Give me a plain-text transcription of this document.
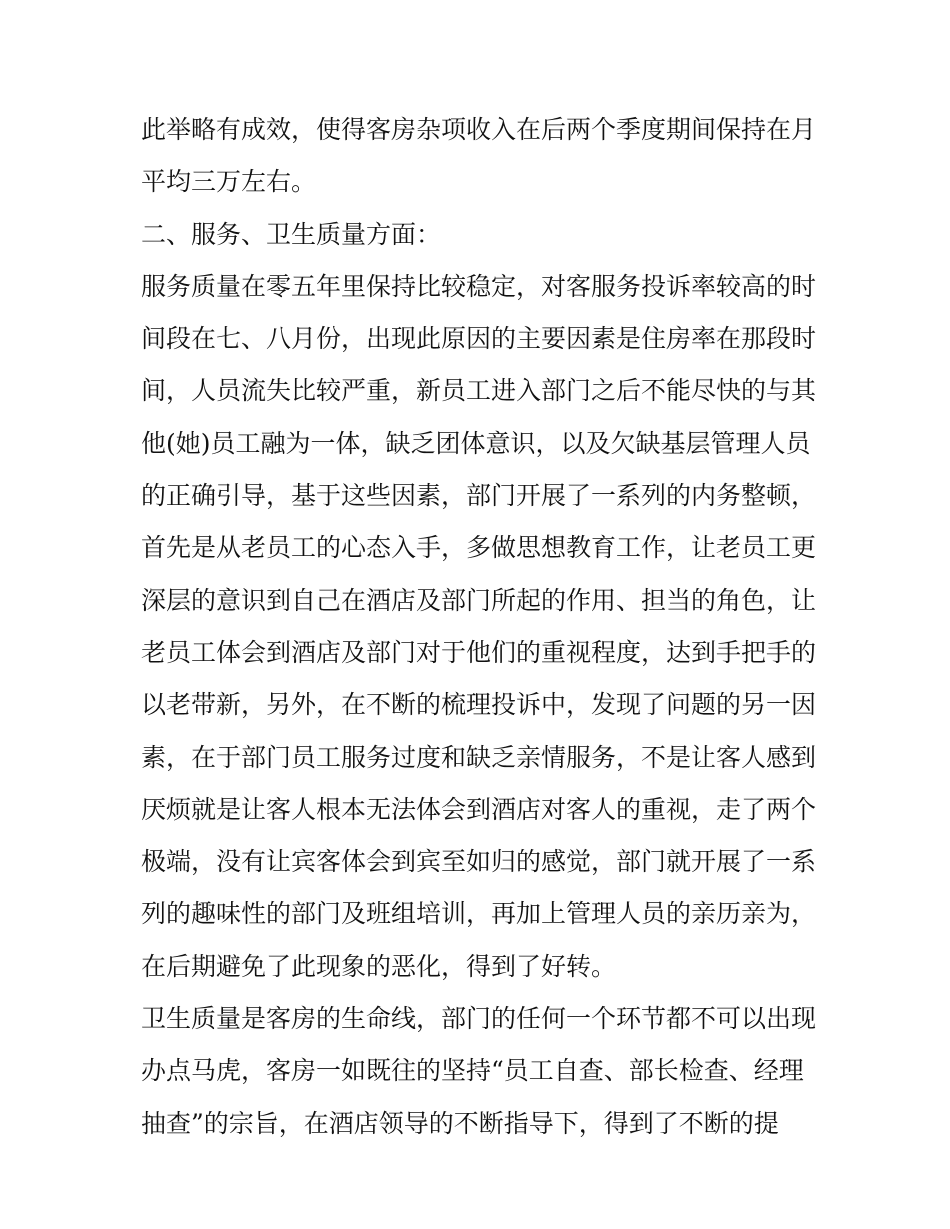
此举略有成效，使得客房杂项收入在后两个季度期间保持在月
平均三万左右。
二、服务、卫生质量方面：
服务质量在零五年里保持比较稳定，对客服务投诉率较高的时
间段在七、八月份，出现此原因的主要因素是住房率在那段时
间，人员流失比较严重，新员工进入部门之后不能尽快的与其
他(她)员工融为一体，缺乏团体意识，以及欠缺基层管理人员
的正确引导，基于这些因素，部门开展了一系列的内务整顿，
首先是从老员工的心态入手，多做思想教育工作，让老员工更
深层的意识到自己在酒店及部门所起的作用、担当的角色，让
老员工体会到酒店及部门对于他们的重视程度，达到手把手的
以老带新，另外，在不断的梳理投诉中，发现了问题的另一因
素，在于部门员工服务过度和缺乏亲情服务，不是让客人感到
厌烦就是让客人根本无法体会到酒店对客人的重视，走了两个
极端，没有让宾客体会到宾至如归的感觉，部门就开展了一系
列的趣味性的部门及班组培训，再加上管理人员的亲历亲为，
在后期避免了此现象的恶化，得到了好转。
卫生质量是客房的生命线，部门的任何一个环节都不可以出现
办点马虎，客房一如既往的坚持“员工自查、部长检查、经理
抽查”的宗旨，在酒店领导的不断指导下，得到了不断的提
